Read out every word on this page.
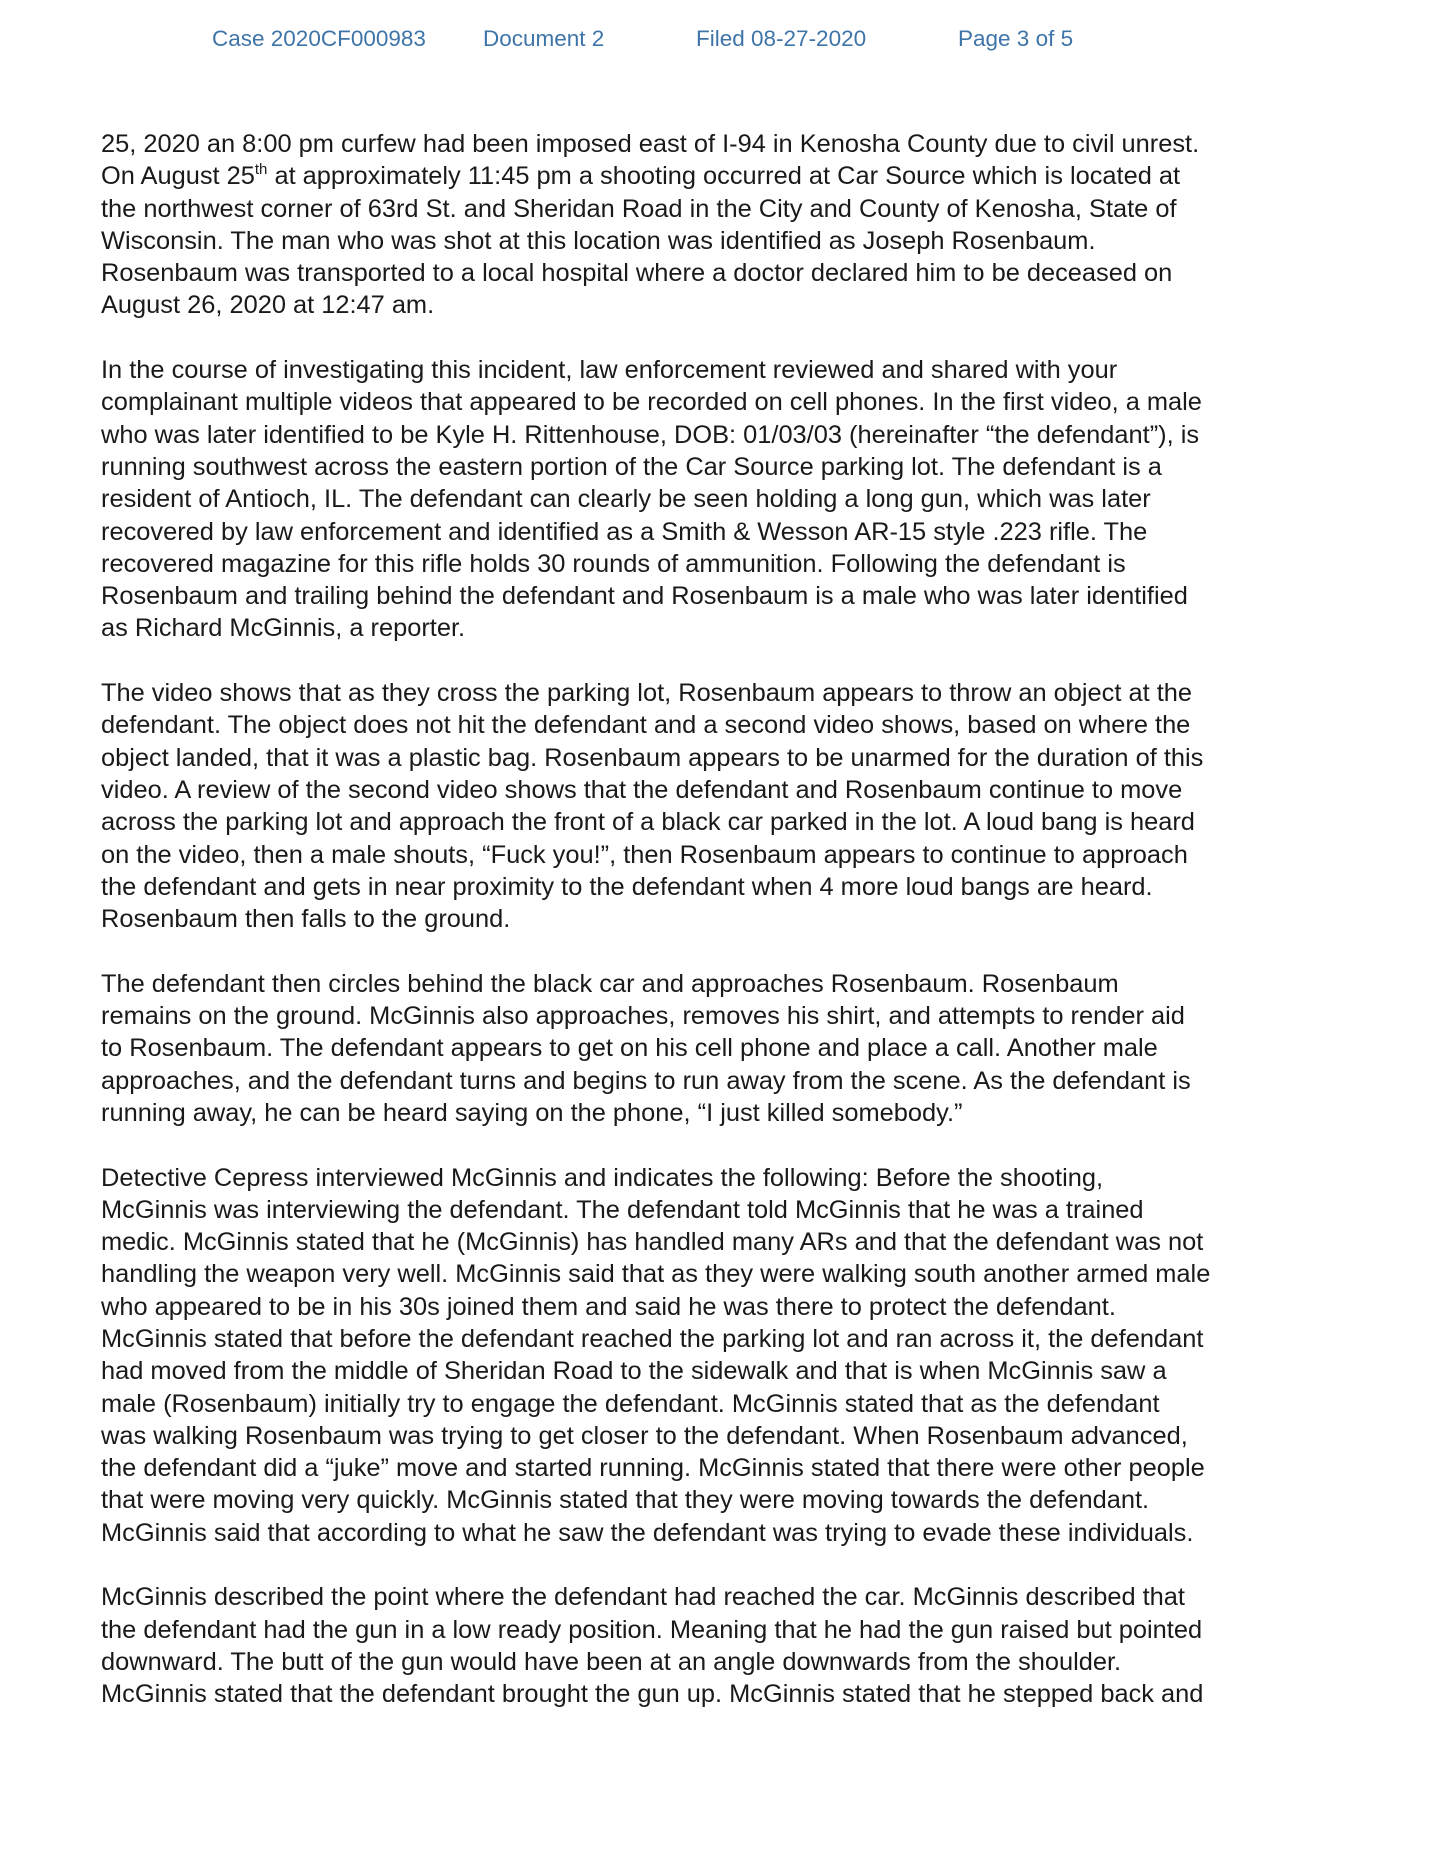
Case 2020CF000983	Document 2	Filed 08-27-2020	Page 3 of 5

25, 2020 an 8:00 pm curfew had been imposed east of I-94 in Kenosha County due to civil unrest.
On August 25th at approximately 11:45 pm a shooting occurred at Car Source which is located at
the northwest corner of 63rd St. and Sheridan Road in the City and County of Kenosha, State of
Wisconsin. The man who was shot at this location was identified as Joseph Rosenbaum.
Rosenbaum was transported to a local hospital where a doctor declared him to be deceased on
August 26, 2020 at 12:47 am.

In the course of investigating this incident, law enforcement reviewed and shared with your
complainant multiple videos that appeared to be recorded on cell phones. In the first video, a male
who was later identified to be Kyle H. Rittenhouse, DOB: 01/03/03 (hereinafter “the defendant”), is
running southwest across the eastern portion of the Car Source parking lot. The defendant is a
resident of Antioch, IL. The defendant can clearly be seen holding a long gun, which was later
recovered by law enforcement and identified as a Smith & Wesson AR-15 style .223 rifle. The
recovered magazine for this rifle holds 30 rounds of ammunition. Following the defendant is
Rosenbaum and trailing behind the defendant and Rosenbaum is a male who was later identified
as Richard McGinnis, a reporter.

The video shows that as they cross the parking lot, Rosenbaum appears to throw an object at the
defendant. The object does not hit the defendant and a second video shows, based on where the
object landed, that it was a plastic bag. Rosenbaum appears to be unarmed for the duration of this
video. A review of the second video shows that the defendant and Rosenbaum continue to move
across the parking lot and approach the front of a black car parked in the lot. A loud bang is heard
on the video, then a male shouts, “Fuck you!”, then Rosenbaum appears to continue to approach
the defendant and gets in near proximity to the defendant when 4 more loud bangs are heard.
Rosenbaum then falls to the ground.

The defendant then circles behind the black car and approaches Rosenbaum. Rosenbaum
remains on the ground. McGinnis also approaches, removes his shirt, and attempts to render aid
to Rosenbaum. The defendant appears to get on his cell phone and place a call. Another male
approaches, and the defendant turns and begins to run away from the scene. As the defendant is
running away, he can be heard saying on the phone, “I just killed somebody.”

Detective Cepress interviewed McGinnis and indicates the following: Before the shooting,
McGinnis was interviewing the defendant. The defendant told McGinnis that he was a trained
medic. McGinnis stated that he (McGinnis) has handled many ARs and that the defendant was not
handling the weapon very well. McGinnis said that as they were walking south another armed male
who appeared to be in his 30s joined them and said he was there to protect the defendant.
McGinnis stated that before the defendant reached the parking lot and ran across it, the defendant
had moved from the middle of Sheridan Road to the sidewalk and that is when McGinnis saw a
male (Rosenbaum) initially try to engage the defendant. McGinnis stated that as the defendant
was walking Rosenbaum was trying to get closer to the defendant. When Rosenbaum advanced,
the defendant did a “juke” move and started running. McGinnis stated that there were other people
that were moving very quickly. McGinnis stated that they were moving towards the defendant.
McGinnis said that according to what he saw the defendant was trying to evade these individuals.

McGinnis described the point where the defendant had reached the car. McGinnis described that
the defendant had the gun in a low ready position. Meaning that he had the gun raised but pointed
downward. The butt of the gun would have been at an angle downwards from the shoulder.
McGinnis stated that the defendant brought the gun up. McGinnis stated that he stepped back and
